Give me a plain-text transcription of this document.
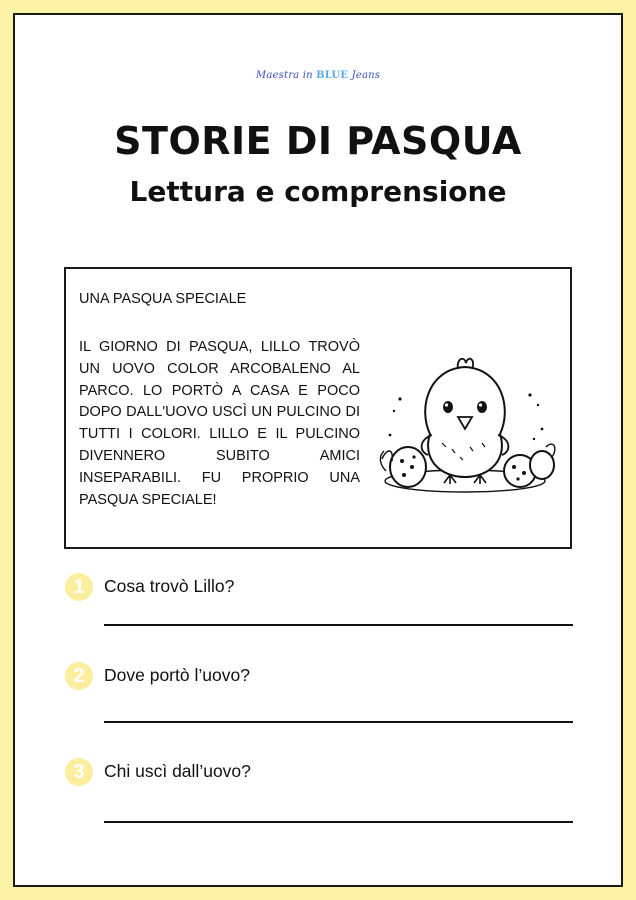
Maestra in BLUE Jeans
STORIE DI PASQUA
Lettura e comprensione
UNA PASQUA SPECIALE
IL GIORNO DI PASQUA, LILLO TROVÒ UN UOVO COLOR ARCOBALENO AL PARCO. LO PORTÒ A CASA E POCO DOPO DALL'UOVO USCÌ UN PULCINO DI TUTTI I COLORI. LILLO E IL PULCINO DIVENNERO SUBITO AMICI INSEPARABILI. FU PROPRIO UNA PASQUA SPECIALE!
1	Cosa trovò Lillo?
2	Dove portò l’uovo?
3	Chi uscì dall’uovo?
